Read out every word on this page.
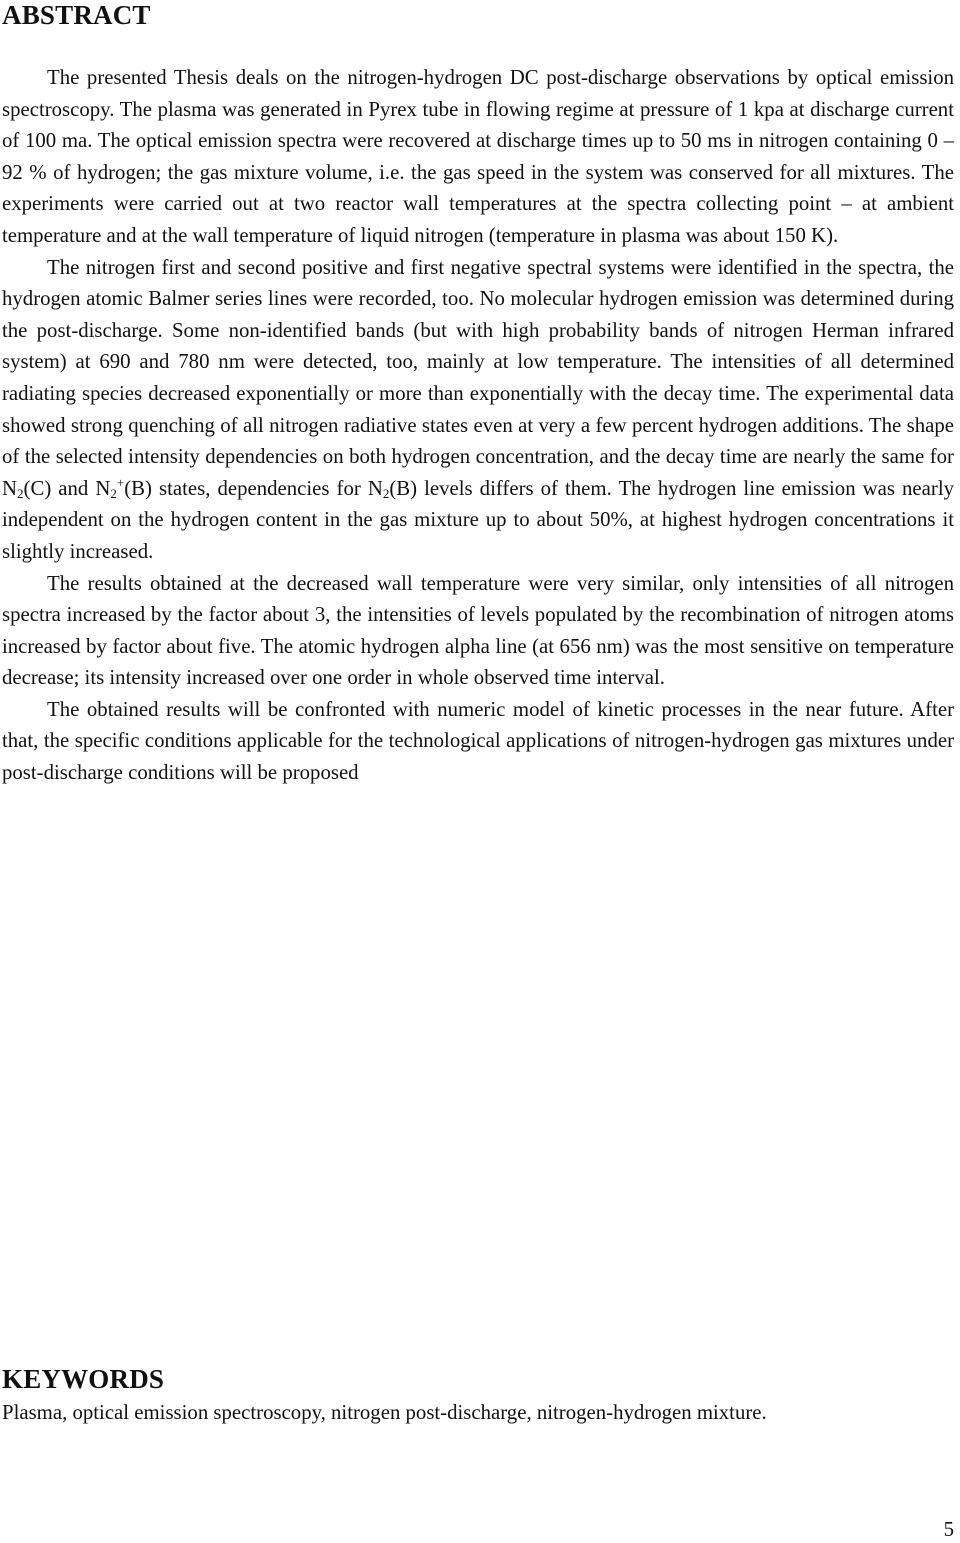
ABSTRACT

The presented Thesis deals on the nitrogen-hydrogen DC post-discharge observations by optical emission spectroscopy. The plasma was generated in Pyrex tube in flowing regime at pressure of 1 kpa at discharge current of 100 ma. The optical emission spectra were recovered at discharge times up to 50 ms in nitrogen containing 0 – 92 % of hydrogen; the gas mixture volume, i.e. the gas speed in the system was conserved for all mixtures. The experiments were carried out at two reactor wall temperatures at the spectra collecting point – at ambient temperature and at the wall temperature of liquid nitrogen (temperature in plasma was about 150 K).

The nitrogen first and second positive and first negative spectral systems were identified in the spectra, the hydrogen atomic Balmer series lines were recorded, too. No molecular hydrogen emission was determined during the post-discharge. Some non-identified bands (but with high probability bands of nitrogen Herman infrared system) at 690 and 780 nm were detected, too, mainly at low temperature. The intensities of all determined radiating species decreased exponentially or more than exponentially with the decay time. The experimental data showed strong quenching of all nitrogen radiative states even at very a few percent hydrogen additions. The shape of the selected intensity dependencies on both hydrogen concentration, and the decay time are nearly the same for $N_2(C)$ and $N_2^+(B)$ states, dependencies for $N_2(B)$ levels differs of them. The hydrogen line emission was nearly independent on the hydrogen content in the gas mixture up to about 50%, at highest hydrogen concentrations it slightly increased.

The results obtained at the decreased wall temperature were very similar, only intensities of all nitrogen spectra increased by the factor about 3, the intensities of levels populated by the recombination of nitrogen atoms increased by factor about five. The atomic hydrogen alpha line (at 656 nm) was the most sensitive on temperature decrease; its intensity increased over one order in whole observed time interval.

The obtained results will be confronted with numeric model of kinetic processes in the near future. After that, the specific conditions applicable for the technological applications of nitrogen-hydrogen gas mixtures under post-discharge conditions will be proposed

KEYWORDS

Plasma, optical emission spectroscopy, nitrogen post-discharge, nitrogen-hydrogen mixture.

5
